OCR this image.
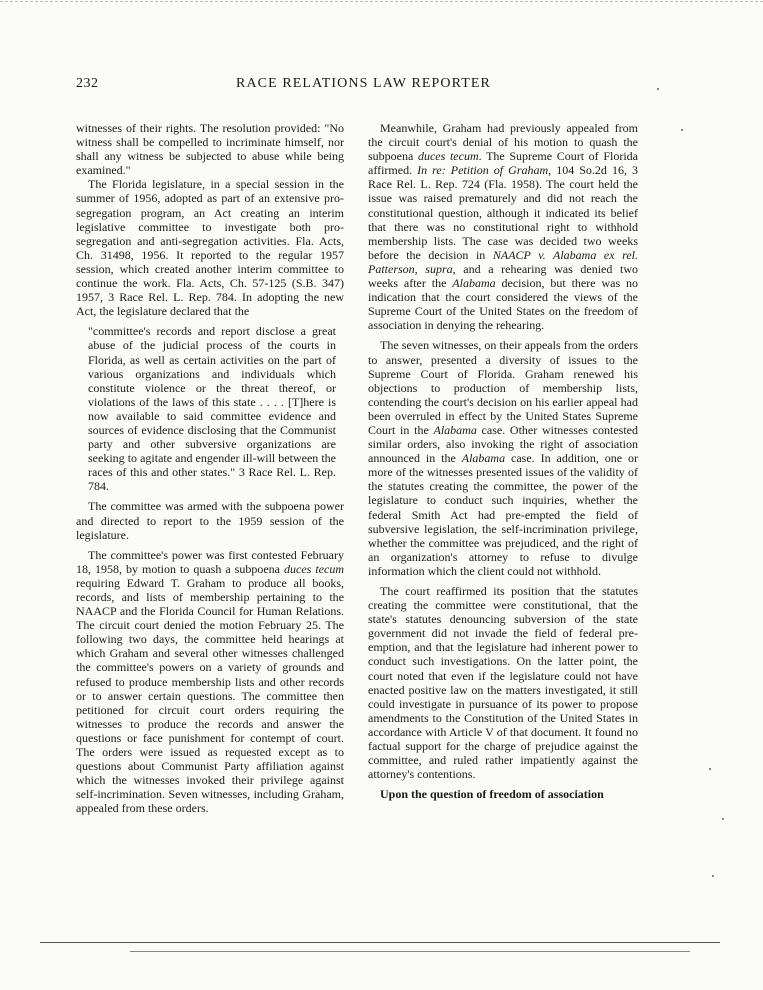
232	RACE RELATIONS LAW REPORTER

witnesses of their rights. The resolution provided: "No witness shall be compelled to incriminate himself, nor shall any witness be subjected to abuse while being examined."

The Florida legislature, in a special session in the summer of 1956, adopted as part of an extensive pro-segregation program, an Act creating an interim legislative committee to investigate both pro-segregation and anti-segregation activities. Fla. Acts, Ch. 31498, 1956. It reported to the regular 1957 session, which created another interim committee to continue the work. Fla. Acts, Ch. 57-125 (S.B. 347) 1957, 3 Race Rel. L. Rep. 784. In adopting the new Act, the legislature declared that the

"committee's records and report disclose a great abuse of the judicial process of the courts in Florida, as well as certain activities on the part of various organizations and individuals which constitute violence or the threat thereof, or violations of the laws of this state . . . . [T]here is now available to said committee evidence and sources of evidence disclosing that the Communist party and other subversive organizations are seeking to agitate and engender ill-will between the races of this and other states." 3 Race Rel. L. Rep. 784.

The committee was armed with the subpoena power and directed to report to the 1959 session of the legislature.

The committee's power was first contested February 18, 1958, by motion to quash a subpoena duces tecum requiring Edward T. Graham to produce all books, records, and lists of membership pertaining to the NAACP and the Florida Council for Human Relations. The circuit court denied the motion February 25. The following two days, the committee held hearings at which Graham and several other witnesses challenged the committee's powers on a variety of grounds and refused to produce membership lists and other records or to answer certain questions. The committee then petitioned for circuit court orders requiring the witnesses to produce the records and answer the questions or face punishment for contempt of court. The orders were issued as requested except as to questions about Communist Party affiliation against which the witnesses invoked their privilege against self-incrimination. Seven witnesses, including Graham, appealed from these orders.

Meanwhile, Graham had previously appealed from the circuit court's denial of his motion to quash the subpoena duces tecum. The Supreme Court of Florida affirmed. In re: Petition of Graham, 104 So.2d 16, 3 Race Rel. L. Rep. 724 (Fla. 1958). The court held the issue was raised prematurely and did not reach the constitutional question, although it indicated its belief that there was no constitutional right to withhold membership lists. The case was decided two weeks before the decision in NAACP v. Alabama ex rel. Patterson, supra, and a rehearing was denied two weeks after the Alabama decision, but there was no indication that the court considered the views of the Supreme Court of the United States on the freedom of association in denying the rehearing.

The seven witnesses, on their appeals from the orders to answer, presented a diversity of issues to the Supreme Court of Florida. Graham renewed his objections to production of membership lists, contending the court's decision on his earlier appeal had been overruled in effect by the United States Supreme Court in the Alabama case. Other witnesses contested similar orders, also invoking the right of association announced in the Alabama case. In addition, one or more of the witnesses presented issues of the validity of the statutes creating the committee, the power of the legislature to conduct such inquiries, whether the federal Smith Act had pre-empted the field of subversive legislation, the self-incrimination privilege, whether the committee was prejudiced, and the right of an organization's attorney to refuse to divulge information which the client could not withhold.

The court reaffirmed its position that the statutes creating the committee were constitutional, that the state's statutes denouncing subversion of the state government did not invade the field of federal pre-emption, and that the legislature had inherent power to conduct such investigations. On the latter point, the court noted that even if the legislature could not have enacted positive law on the matters investigated, it still could investigate in pursuance of its power to propose amendments to the Constitution of the United States in accordance with Article V of that document. It found no factual support for the charge of prejudice against the committee, and ruled rather impatiently against the attorney's contentions.

Upon the question of freedom of association
